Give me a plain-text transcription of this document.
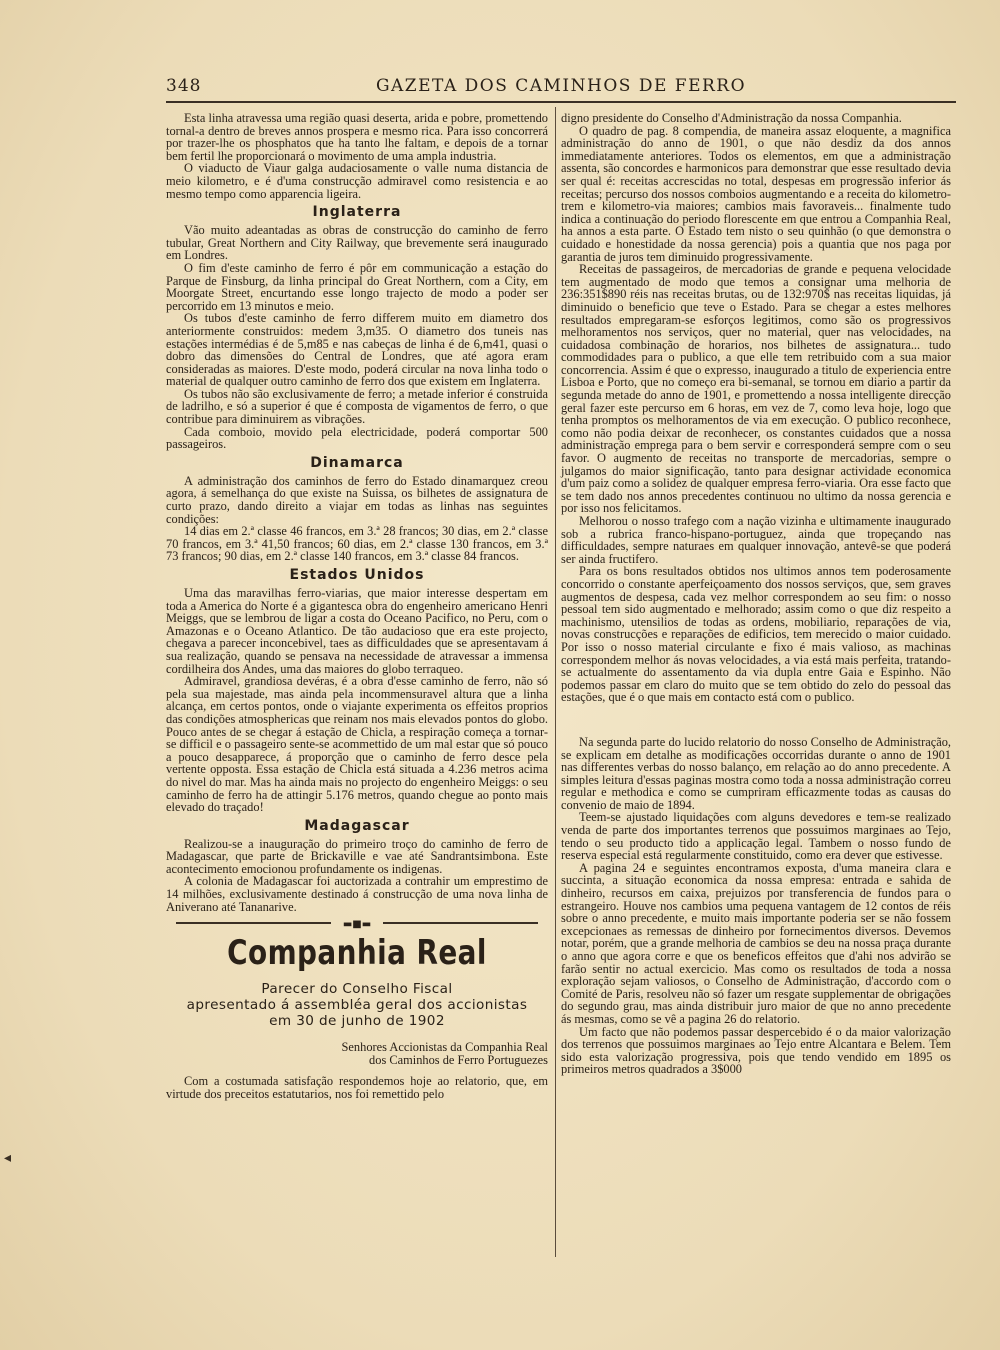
348	GAZETA DOS CAMINHOS DE FERRO

Esta linha atravessa uma região quasi deserta, arida e pobre, promettendo tornal-a dentro de breves annos prospera e mesmo rica. Para isso concorrerá por trazer-lhe os phosphatos que ha tanto lhe faltam, e depois de a tornar bem fertil lhe proporcionará o movimento de uma ampla industria.

O viaducto de Viaur galga audaciosamente o valle numa distancia de meio kilometro, e é d'uma construcção admiravel como resistencia e ao mesmo tempo como apparencia ligeira.

Inglaterra

Vão muito adeantadas as obras de construcção do caminho de ferro tubular, Great Northern and City Railway, que brevemente será inaugurado em Londres.

O fim d'este caminho de ferro é pôr em communicação a estação do Parque de Finsburg, da linha principal do Great Northern, com a City, em Moorgate Street, encurtando esse longo trajecto de modo a poder ser percorrido em 13 minutos e meio.

Os tubos d'este caminho de ferro differem muito em diametro dos anteriormente construidos: medem 3,m35. O diametro dos tuneis nas estações intermédias é de 5,m85 e nas cabeças de linha é de 6,m41, quasi o dobro das dimensões do Central de Londres, que até agora eram consideradas as maiores. D'este modo, poderá circular na nova linha todo o material de qualquer outro caminho de ferro dos que existem em Inglaterra.

Os tubos não são exclusivamente de ferro; a metade inferior é construida de ladrilho, e só a superior é que é composta de vigamentos de ferro, o que contribue para diminuirem as vibrações.

Cada comboio, movido pela electricidade, poderá comportar 500 passageiros.

Dinamarca

A administração dos caminhos de ferro do Estado dinamarquez creou agora, á semelhança do que existe na Suissa, os bilhetes de assignatura de curto prazo, dando direito a viajar em todas as linhas nas seguintes condições:

14 dias em 2.ª classe 46 francos, em 3.ª 28 francos; 30 dias, em 2.ª classe 70 francos, em 3.ª 41,50 francos; 60 dias, em 2.ª classe 130 francos, em 3.ª 73 francos; 90 dias, em 2.ª classe 140 francos, em 3.ª classe 84 francos.

Estados Unidos

Uma das maravilhas ferro-viarias, que maior interesse despertam em toda a America do Norte é a gigantesca obra do engenheiro americano Henri Meiggs, que se lembrou de ligar a costa do Oceano Pacifico, no Peru, com o Amazonas e o Oceano Atlantico. De tão audacioso que era este projecto, chegava a parecer inconcebivel, taes as difficuldades que se apresentavam á sua realização, quando se pensava na necessidade de atravessar a immensa cordilheira dos Andes, uma das maiores do globo terraqueo.

Admiravel, grandiosa devéras, é a obra d'esse caminho de ferro, não só pela sua majestade, mas ainda pela incommensuravel altura que a linha alcança, em certos pontos, onde o viajante experimenta os effeitos proprios das condições atmosphericas que reinam nos mais elevados pontos do globo. Pouco antes de se chegar á estação de Chicla, a respiração começa a tornar-se difficil e o passageiro sente-se acommettido de um mal estar que só pouco a pouco desapparece, á proporção que o caminho de ferro desce pela vertente opposta. Essa estação de Chicla está situada a 4.236 metros acima do nivel do mar. Mas ha ainda mais no projecto do engenheiro Meiggs: o seu caminho de ferro ha de attingir 5.176 metros, quando chegue ao ponto mais elevado do traçado!

Madagascar

Realizou-se a inauguração do primeiro troço do caminho de ferro de Madagascar, que parte de Brickaville e vae até Sandrantsimbona. Este acontecimento emocionou profundamente os indigenas.

A colonia de Madagascar foi auctorizada a contrahir um emprestimo de 14 milhões, exclusivamente destinado á construcção de uma nova linha de Aniverano até Tananarive.

▬■▬
Companhia Real
Parecer do Conselho Fiscal
apresentado á assembléa geral dos accionistas
em 30 de junho de 1902
Senhores Accionistas da Companhia Real
dos Caminhos de Ferro Portuguezes

Com a costumada satisfação respondemos hoje ao relatorio, que, em virtude dos preceitos estatutarios, nos foi remettido pelo

digno presidente do Conselho d'Administração da nossa Companhia.

O quadro de pag. 8 compendia, de maneira assaz eloquente, a magnifica administração do anno de 1901, o que não desdiz da dos annos immediatamente anteriores. Todos os elementos, em que a administração assenta, são concordes e harmonicos para demonstrar que esse resultado devia ser qual é: receitas accrescidas no total, despesas em progressão inferior ás receitas; percurso dos nossos comboios augmentando e a receita do kilometro-trem e kilometro-via maiores; cambios mais favoraveis... finalmente tudo indica a continuação do periodo florescente em que entrou a Companhia Real, ha annos a esta parte. O Estado tem nisto o seu quinhão (o que demonstra o cuidado e honestidade da nossa gerencia) pois a quantia que nos paga por garantia de juros tem diminuido progressivamente.

Receitas de passageiros, de mercadorias de grande e pequena velocidade tem augmentado de modo que temos a consignar uma melhoria de 236:351$890 réis nas receitas brutas, ou de 132:970$ nas receitas liquidas, já diminuido o beneficio que teve o Estado. Para se chegar a estes melhores resultados empregaram-se esforços legitimos, como são os progressivos melhoramentos nos serviços, quer no material, quer nas velocidades, na cuidadosa combinação de horarios, nos bilhetes de assignatura... tudo commodidades para o publico, a que elle tem retribuido com a sua maior concorrencia. Assim é que o expresso, inaugurado a titulo de experiencia entre Lisboa e Porto, que no começo era bi-semanal, se tornou em diario a partir da segunda metade do anno de 1901, e promettendo a nossa intelligente direcção geral fazer este percurso em 6 horas, em vez de 7, como leva hoje, logo que tenha promptos os melhoramentos de via em execução. O publico reconhece, como não podia deixar de reconhecer, os constantes cuidados que a nossa administração emprega para o bem servir e corresponderá sempre com o seu favor. O augmento de receitas no transporte de mercadorias, sempre o julgamos do maior significação, tanto para designar actividade economica d'um paiz como a solidez de qualquer empresa ferro-viaria. Ora esse facto que se tem dado nos annos precedentes continuou no ultimo da nossa gerencia e por isso nos felicitamos.

Melhorou o nosso trafego com a nação vizinha e ultimamente inaugurado sob a rubrica franco-hispano-portuguez, ainda que tropeçando nas difficuldades, sempre naturaes em qualquer innovação, antevê-se que poderá ser ainda fructifero.

Para os bons resultados obtidos nos ultimos annos tem poderosamente concorrido o constante aperfeiçoamento dos nossos serviços, que, sem graves augmentos de despesa, cada vez melhor correspondem ao seu fim: o nosso pessoal tem sido augmentado e melhorado; assim como o que diz respeito a machinismo, utensilios de todas as ordens, mobiliario, reparações de via, novas construcções e reparações de edificios, tem merecido o maior cuidado. Por isso o nosso material circulante e fixo é mais valioso, as machinas correspondem melhor ás novas velocidades, a via está mais perfeita, tratando-se actualmente do assentamento da via dupla entre Gaia e Espinho. Não podemos passar em claro do muito que se tem obtido do zelo do pessoal das estações, que é o que mais em contacto está com o publico.

Na segunda parte do lucido relatorio do nosso Conselho de Administração, se explicam em detalhe as modificações occorridas durante o anno de 1901 nas differentes verbas do nosso balanço, em relação ao do anno precedente. A simples leitura d'essas paginas mostra como toda a nossa administração correu regular e methodica e como se cumpriram efficazmente todas as causas do convenio de maio de 1894.

Teem-se ajustado liquidações com alguns devedores e tem-se realizado venda de parte dos importantes terrenos que possuimos marginaes ao Tejo, tendo o seu producto tido a applicação legal. Tambem o nosso fundo de reserva especial está regularmente constituido, como era dever que estivesse.

A pagina 24 e seguintes encontramos exposta, d'uma maneira clara e succinta, a situação economica da nossa empresa: entrada e sahida de dinheiro, recursos em caixa, prejuizos por transferencia de fundos para o estrangeiro. Houve nos cambios uma pequena vantagem de 12 contos de réis sobre o anno precedente, e muito mais importante poderia ser se não fossem excepcionaes as remessas de dinheiro por fornecimentos diversos. Devemos notar, porém, que a grande melhoria de cambios se deu na nossa praça durante o anno que agora corre e que os beneficos effeitos que d'ahi nos advirão se farão sentir no actual exercicio. Mas como os resultados de toda a nossa exploração sejam valiosos, o Conselho de Administração, d'accordo com o Comité de Paris, resolveu não só fazer um resgate supplementar de obrigações do segundo grau, mas ainda distribuir juro maior de que no anno precedente ás mesmas, como se vê a pagina 26 do relatorio.

Um facto que não podemos passar despercebido é o da maior valorização dos terrenos que possuimos marginaes ao Tejo entre Alcantara e Belem. Tem sido esta valorização progressiva, pois que tendo vendido em 1895 os primeiros metros quadrados a 3$000

◂
